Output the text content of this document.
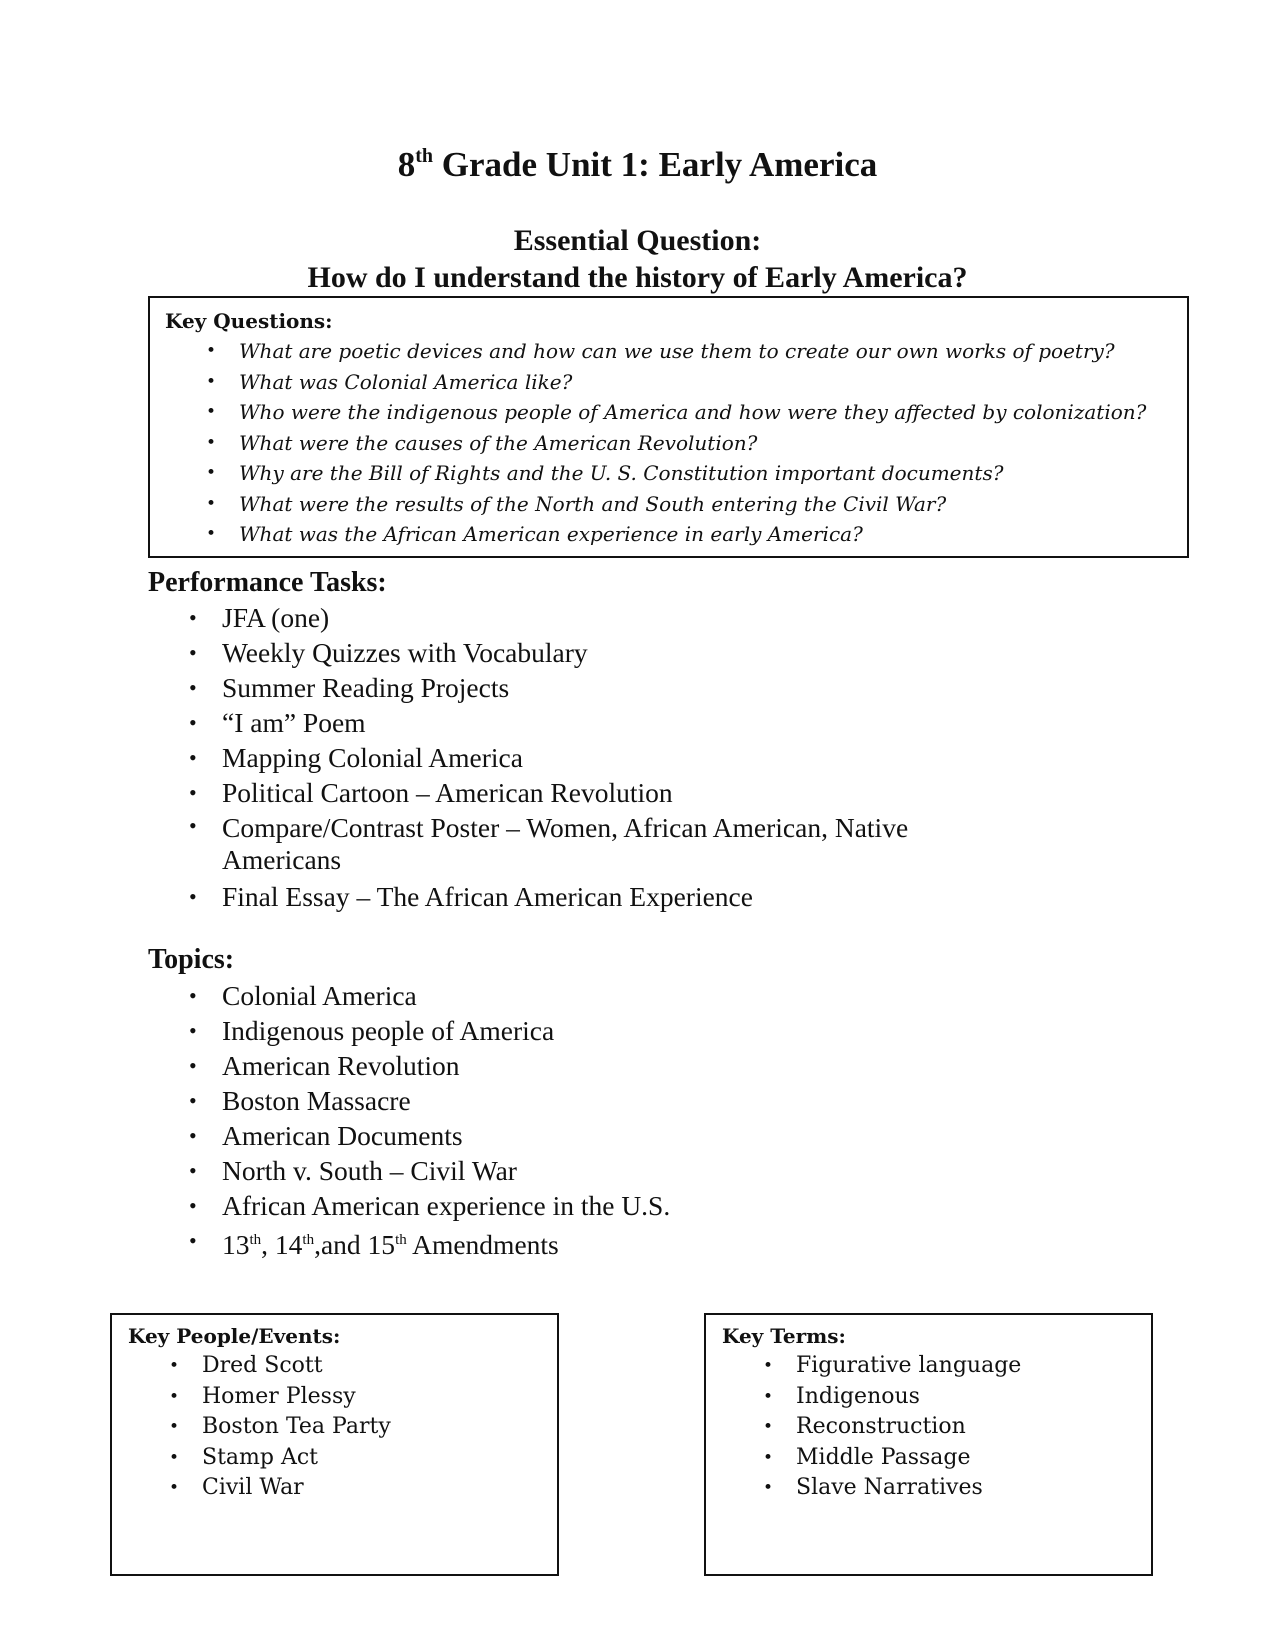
8th Grade Unit 1: Early America
Essential Question:
How do I understand the history of Early America?
Key Questions:
• What are poetic devices and how can we use them to create our own works of poetry?
• What was Colonial America like?
• Who were the indigenous people of America and how were they affected by colonization?
• What were the causes of the American Revolution?
• Why are the Bill of Rights and the U. S. Constitution important documents?
• What were the results of the North and South entering the Civil War?
• What was the African American experience in early America?
Performance Tasks:
• JFA (one)
• Weekly Quizzes with Vocabulary
• Summer Reading Projects
• “I am” Poem
• Mapping Colonial America
• Political Cartoon – American Revolution
• Compare/Contrast Poster – Women, African American, Native Americans
• Final Essay – The African American Experience
Topics:
• Colonial America
• Indigenous people of America
• American Revolution
• Boston Massacre
• American Documents
• North v. South – Civil War
• African American experience in the U.S.
• 13th, 14th,and 15th Amendments
Key People/Events:
• Dred Scott
• Homer Plessy
• Boston Tea Party
• Stamp Act
• Civil War
Key Terms:
• Figurative language
• Indigenous
• Reconstruction
• Middle Passage
• Slave Narratives
